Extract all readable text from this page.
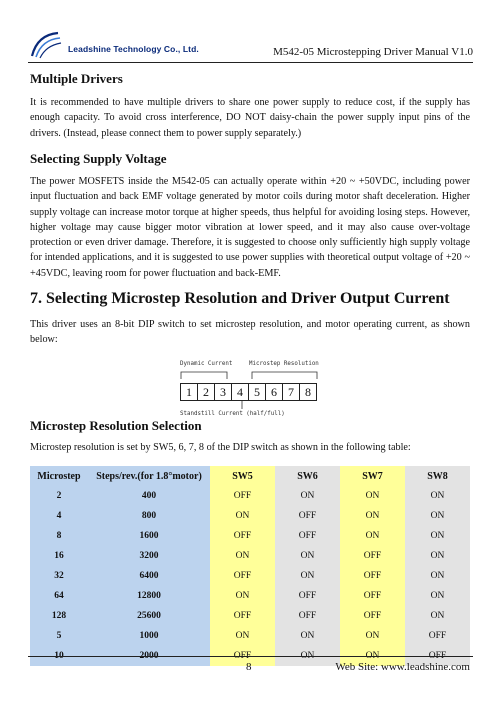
Leadshine Technology Co., Ltd.	M542-05 Microstepping Driver Manual V1.0
Multiple Drivers
It is recommended to have multiple drivers to share one power supply to reduce cost, if the supply has enough capacity. To avoid cross interference, DO NOT daisy-chain the power supply input pins of the drivers. (Instead, please connect them to power supply separately.)
Selecting Supply Voltage
The power MOSFETS inside the M542-05 can actually operate within +20 ~ +50VDC, including power input fluctuation and back EMF voltage generated by motor coils during motor shaft deceleration. Higher supply voltage can increase motor torque at higher speeds, thus helpful for avoiding losing steps. However, higher voltage may cause bigger motor vibration at lower speed, and it may also cause over-voltage protection or even driver damage. Therefore, it is suggested to choose only sufficiently high supply voltage for intended applications, and it is suggested to use power supplies with theoretical output voltage of +20 ~ +45VDC, leaving room for power fluctuation and back-EMF.
7. Selecting Microstep Resolution and Driver Output Current
This driver uses an 8-bit DIP switch to set microstep resolution, and motor operating current, as shown below:
Dynamic Current	Microstep Resolution
1 2 3 4 5 6 7 8
Standstill Current (half/full)
Microstep Resolution Selection
Microstep resolution is set by SW5, 6, 7, 8 of the DIP switch as shown in the following table:
Microstep	Steps/rev.(for 1.8°motor)	SW5	SW6	SW7	SW8
2	400	OFF	ON	ON	ON
4	800	ON	OFF	ON	ON
8	1600	OFF	OFF	ON	ON
16	3200	ON	ON	OFF	ON
32	6400	OFF	ON	OFF	ON
64	12800	ON	OFF	OFF	ON
128	25600	OFF	OFF	OFF	ON
5	1000	ON	ON	ON	OFF
10	2000	OFF	ON	ON	OFF
8	Web Site: www.leadshine.com
